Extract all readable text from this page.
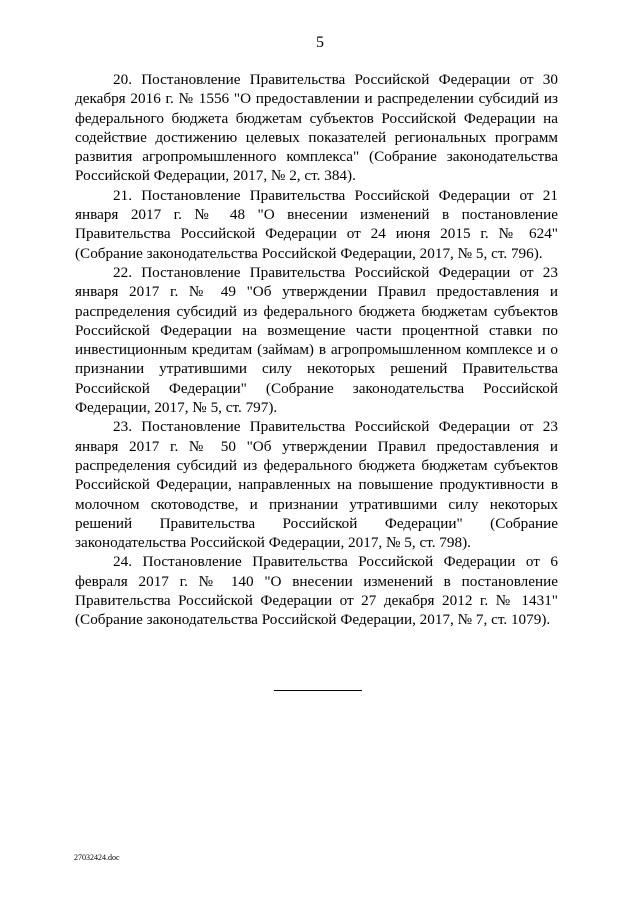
5

20. Постановление Правительства Российской Федерации от 30 декабря 2016 г. № 1556 "О предоставлении и распределении субсидий из федерального бюджета бюджетам субъектов Российской Федерации на содействие достижению целевых показателей региональных программ развития агропромышленного комплекса" (Собрание законодательства Российской Федерации, 2017, № 2, ст. 384).

21. Постановление Правительства Российской Федерации от 21 января 2017 г. № 48 "О внесении изменений в постановление Правительства Российской Федерации от 24 июня 2015 г. № 624" (Собрание законодательства Российской Федерации, 2017, № 5, ст. 796).

22. Постановление Правительства Российской Федерации от 23 января 2017 г. № 49 "Об утверждении Правил предоставления и распределения субсидий из федерального бюджета бюджетам субъектов Российской Федерации на возмещение части процентной ставки по инвестиционным кредитам (займам) в агропромышленном комплексе и о признании утратившими силу некоторых решений Правительства Российской Федерации" (Собрание законодательства Российской Федерации, 2017, № 5, ст. 797).

23. Постановление Правительства Российской Федерации от 23 января 2017 г. № 50 "Об утверждении Правил предоставления и распределения субсидий из федерального бюджета бюджетам субъектов Российской Федерации, направленных на повышение продуктивности в молочном скотоводстве, и признании утратившими силу некоторых решений Правительства Российской Федерации" (Собрание законодательства Российской Федерации, 2017, № 5, ст. 798).

24. Постановление Правительства Российской Федерации от 6 февраля 2017 г. № 140 "О внесении изменений в постановление Правительства Российской Федерации от 27 декабря 2012 г. № 1431" (Собрание законодательства Российской Федерации, 2017, № 7, ст. 1079).

27032424.doc
